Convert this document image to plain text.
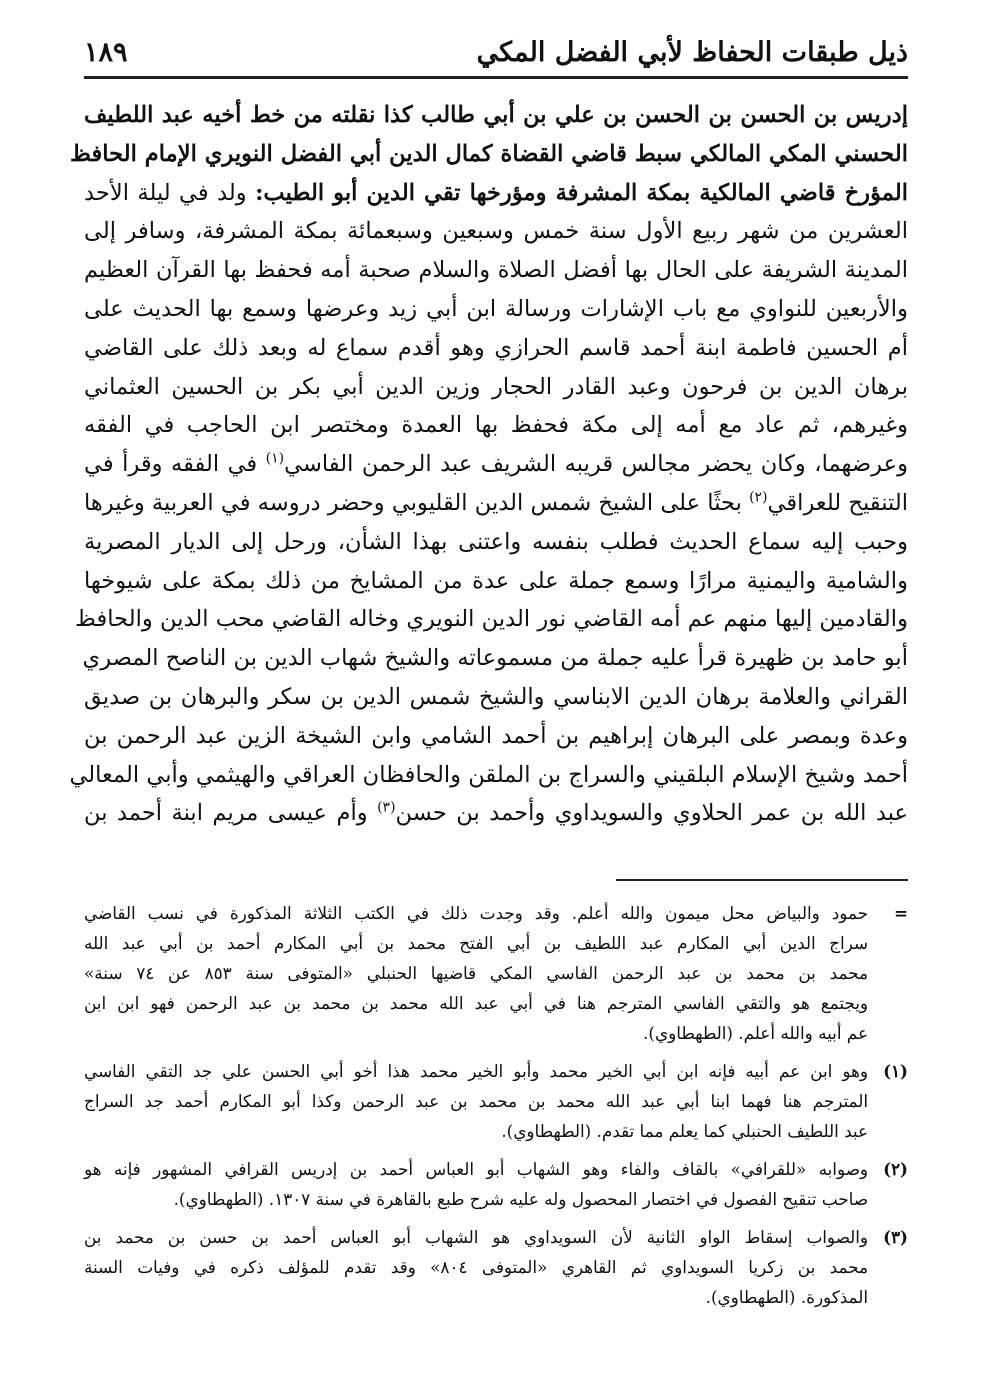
ذيل طبقات الحفاظ لأبي الفضل المكي
١٨٩

إدريس بن الحسن بن الحسن بن علي بن أبي طالب كذا نقلته من خط أخيه عبد اللطيف

الحسني المكي المالكي سبط قاضي القضاة كمال الدين أبي الفضل النويري الإمام الحافظ

المؤرخ قاضي المالكية بمكة المشرفة ومؤرخها تقي الدين أبو الطيب: ولد في ليلة الأحد

العشرين من شهر ربيع الأول سنة خمس وسبعين وسبعمائة بمكة المشرفة، وسافر إلى

المدينة الشريفة على الحال بها أفضل الصلاة والسلام صحبة أمه فحفظ بها القرآن العظيم

والأربعين للنواوي مع باب الإشارات ورسالة ابن أبي زيد وعرضها وسمع بها الحديث على

أم الحسين فاطمة ابنة أحمد قاسم الحرازي وهو أقدم سماع له وبعد ذلك على القاضي

برهان الدين بن فرحون وعبد القادر الحجار وزين الدين أبي بكر بن الحسين العثماني

وغيرهم، ثم عاد مع أمه إلى مكة فحفظ بها العمدة ومختصر ابن الحاجب في الفقه

وعرضهما، وكان يحضر مجالس قريبه الشريف عبد الرحمن الفاسي$^{(١)}$ في الفقه وقرأ في

التنقيح للعراقي$^{(٢)}$ بحثًا على الشيخ شمس الدين القليوبي وحضر دروسه في العربية وغيرها

وحبب إليه سماع الحديث فطلب بنفسه واعتنى بهذا الشأن، ورحل إلى الديار المصرية

والشامية واليمنية مرارًا وسمع جملة على عدة من المشايخ من ذلك بمكة على شيوخها

والقادمين إليها منهم عم أمه القاضي نور الدين النويري وخاله القاضي محب الدين والحافظ

أبو حامد بن ظهيرة قرأ عليه جملة من مسموعاته والشيخ شهاب الدين بن الناصح المصري

القراني والعلامة برهان الدين الابناسي والشيخ شمس الدين بن سكر والبرهان بن صديق

وعدة وبمصر على البرهان إبراهيم بن أحمد الشامي وابن الشيخة الزين عبد الرحمن بن

أحمد وشيخ الإسلام البلقيني والسراج بن الملقن والحافظان العراقي والهيثمي وأبي المعالي

عبد الله بن عمر الحلاوي والسويداوي وأحمد بن حسن$^{(٣)}$ وأم عيسى مريم ابنة أحمد بن

=
حمود والبياض محل ميمون والله أعلم. وقد وجدت ذلك في الكتب الثلاثة المذكورة في نسب القاضي
سراج الدين أبي المكارم عبد اللطيف بن أبي الفتح محمد بن أبي المكارم أحمد بن أبي عبد الله
محمد بن محمد بن عبد الرحمن الفاسي المكي قاضيها الحنبلي «المتوفى سنة ٨٥٣ عن ٧٤ سنة»
ويجتمع هو والتقي الفاسي المترجم هنا في أبي عبد الله محمد بن محمد بن عبد الرحمن فهو ابن ابن
عم أبيه والله أعلم. (الطهطاوي).
(١)
وهو ابن عم أبيه فإنه ابن أبي الخير محمد وأبو الخير محمد هذا أخو أبي الحسن علي جد التقي الفاسي
المترجم هنا فهما ابنا أبي عبد الله محمد بن محمد بن عبد الرحمن وكذا أبو المكارم أحمد جد السراج
عبد اللطيف الحنبلي كما يعلم مما تقدم. (الطهطاوي).
(٢)
وصوابه «للقرافي» بالقاف والفاء وهو الشهاب أبو العباس أحمد بن إدريس القرافي المشهور فإنه هو
صاحب تنقيح الفصول في اختصار المحصول وله عليه شرح طبع بالقاهرة في سنة ١٣٠٧. (الطهطاوي).
(٣)
والصواب إسقاط الواو الثانية لأن السويداوي هو الشهاب أبو العباس أحمد بن حسن بن محمد بن
محمد بن زكريا السويداوي ثم القاهري «المتوفى ٨٠٤» وقد تقدم للمؤلف ذكره في وفيات السنة
المذكورة. (الطهطاوي).
